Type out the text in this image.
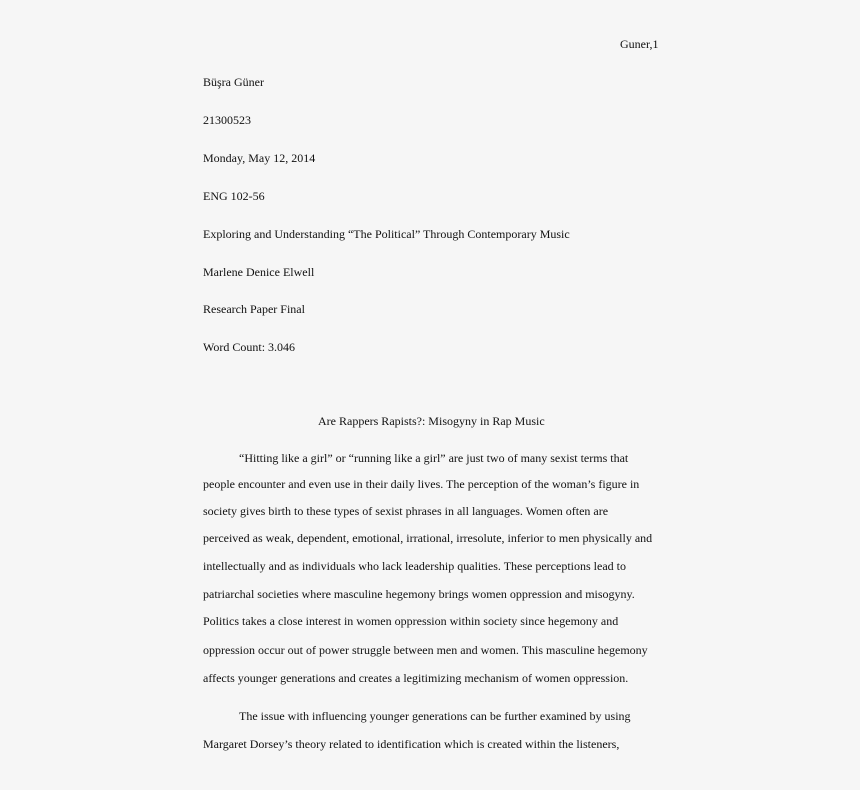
Guner,1
Büşra Güner
21300523
Monday, May 12, 2014
ENG 102-56
Exploring and Understanding “The Political” Through Contemporary Music
Marlene Denice Elwell
Research Paper Final
Word Count: 3.046
Are Rappers Rapists?: Misogyny in Rap Music
“Hitting like a girl” or “running like a girl” are just two of many sexist terms that
people encounter and even use in their daily lives. The perception of the woman’s figure in
society gives birth to these types of sexist phrases in all languages. Women often are
perceived as weak, dependent, emotional, irrational, irresolute, inferior to men physically and
intellectually and as individuals who lack leadership qualities. These perceptions lead to
patriarchal societies where masculine hegemony brings women oppression and misogyny.
Politics takes a close interest in women oppression within society since hegemony and
oppression occur out of power struggle between men and women. This masculine hegemony
affects younger generations and creates a legitimizing mechanism of women oppression.
The issue with influencing younger generations can be further examined by using
Margaret Dorsey’s theory related to identification which is created within the listeners,
